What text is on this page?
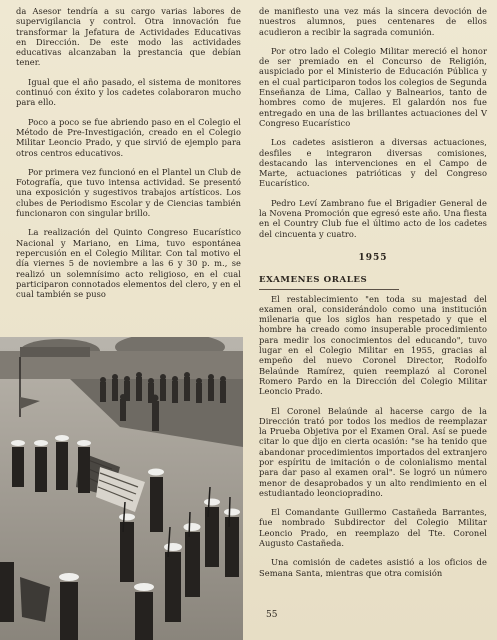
da Asesor tendría a su cargo varias labores de supervigilancia y control. Otra innovación fue transformar la Jefatura de Actividades Educativas en Dirección. De este modo las actividades educativas alcanzaban la prestancia que debían tener.

Igual que el año pasado, el sistema de monitores continuó con éxito y los cadetes colaboraron mucho para ello.

Poco a poco se fue abriendo paso en el Colegio el Método de Pre-Investigación, creado en el Colegio Militar Leoncio Prado, y que sirvió de ejemplo para otros centros educativos.

Por primera vez funcionó en el Plantel un Club de Fotografía, que tuvo intensa actividad. Se presentó una exposición y sugestivos trabajos artísticos. Los clubes de Periodismo Escolar y de Ciencias también funcionaron con singular brillo.

La realización del Quinto Congreso Eucarístico Nacional y Mariano, en Lima, tuvo espontánea repercusión en el Colegio Militar. Con tal motivo el día viernes 5 de noviembre a las 6 y 30 p. m., se realizó un solemnísimo acto religioso, en el cual participaron connotados elementos del clero, y en el cual también se puso

de manifiesto una vez más la sincera devoción de nuestros alumnos, pues centenares de ellos acudieron a recibir la sagrada comunión.

Por otro lado el Colegio Militar mereció el honor de ser premiado en el Concurso de Religión, auspiciado por el Ministerio de Educación Pública y en el cual participaron todos los colegios de Segunda Enseñanza de Lima, Callao y Balnearios, tanto de hombres como de mujeres. El galardón nos fue entregado en una de las brillantes actuaciones del V Congreso Eucarístico

Los cadetes asistieron a diversas actuaciones, desfiles e integraron diversas comisiones, destacando las intervenciones en el Campo de Marte, actuaciones patrióticas y del Congreso Eucarístico.

Pedro Leví Zambrano fue el Brigadier General de la Novena Promoción que egresó este año. Una fiesta en el Country Club fue el último acto de los cadetes del cincuenta y cuatro.

1955
EXAMENES ORALES

El restablecimiento "en toda su majestad del examen oral, considerándolo como una institución milenaria que los siglos han respetado y que el hombre ha creado como insuperable procedimiento para medir los conocimientos del educando", tuvo lugar en el Colegio Militar en 1955, gracias al empeño del nuevo Coronel Director, Rodolfo Belaúnde Ramírez, quien reemplazó al Coronel Romero Pardo en la Dirección del Colegio Militar Leoncio Prado.

El Coronel Belaúnde al hacerse cargo de la Dirección trató por todos los medios de reemplazar la Prueba Objetiva por el Examen Oral. Así se puede citar lo que dijo en cierta ocasión: "se ha tenido que abandonar procedimientos importados del extranjero por espíritu de imitación o de colonialismo mental para dar paso al examen oral". Se logró un número menor de desaprobados y un alto rendimiento en el estudiantado leonciopradino.

El Comandante Guillermo Castañeda Barrantes, fue nombrado Subdirector del Colegio Militar Leoncio Prado, en reemplazo del Tte. Coronel Augusto Castañeda.

Una comisión de cadetes asistió a los oficios de Semana Santa, mientras que otra comisión

55
